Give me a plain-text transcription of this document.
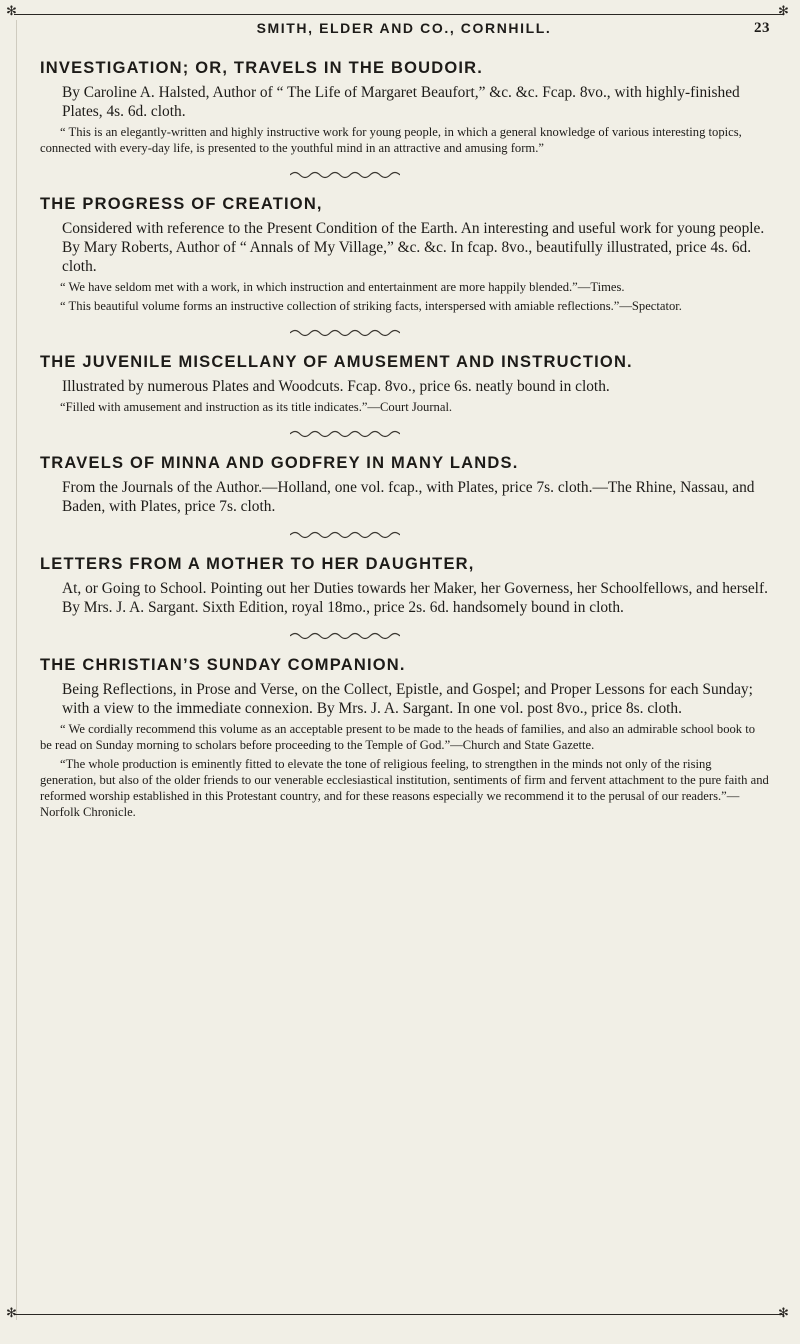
✻	✻
SMITH, ELDER AND CO., CORNHILL.	23
INVESTIGATION; OR, TRAVELS IN THE BOUDOIR.

By Caroline A. Halsted, Author of “ The Life of Margaret Beaufort,” &c. &c. Fcap. 8vo., with highly-finished Plates, 4s. 6d. cloth.

“ This is an elegantly-written and highly instructive work for young people, in which a general knowledge of various interesting topics, connected with every-day life, is presented to the youthful mind in an attractive and amusing form.”

THE PROGRESS OF CREATION,

Considered with reference to the Present Condition of the Earth. An interesting and useful work for young people. By Mary Roberts, Author of “ Annals of My Village,” &c. &c. In fcap. 8vo., beautifully illustrated, price 4s. 6d. cloth.

“ We have seldom met with a work, in which instruction and entertainment are more happily blended.”—Times.

“ This beautiful volume forms an instructive collection of striking facts, interspersed with amiable reflections.”—Spectator.

THE JUVENILE MISCELLANY OF AMUSEMENT AND INSTRUCTION.

Illustrated by numerous Plates and Woodcuts. Fcap. 8vo., price 6s. neatly bound in cloth.

“Filled with amusement and instruction as its title indicates.”—Court Journal.

TRAVELS OF MINNA AND GODFREY IN MANY LANDS.

From the Journals of the Author.—Holland, one vol. fcap., with Plates, price 7s. cloth.—The Rhine, Nassau, and Baden, with Plates, price 7s. cloth.

LETTERS FROM A MOTHER TO HER DAUGHTER,

At, or Going to School. Pointing out her Duties towards her Maker, her Governess, her Schoolfellows, and herself. By Mrs. J. A. Sargant. Sixth Edition, royal 18mo., price 2s. 6d. handsomely bound in cloth.

THE CHRISTIAN’S SUNDAY COMPANION.

Being Reflections, in Prose and Verse, on the Collect, Epistle, and Gospel; and Proper Lessons for each Sunday; with a view to the immediate connexion. By Mrs. J. A. Sargant. In one vol. post 8vo., price 8s. cloth.

“ We cordially recommend this volume as an acceptable present to be made to the heads of families, and also an admirable school book to be read on Sunday morning to scholars before proceeding to the Temple of God.”—Church and State Gazette.

“The whole production is eminently fitted to elevate the tone of religious feeling, to strengthen in the minds not only of the rising generation, but also of the older friends to our venerable ecclesiastical institution, sentiments of firm and fervent attachment to the pure faith and reformed worship established in this Protestant country, and for these reasons especially we recommend it to the perusal of our readers.”—Norfolk Chronicle.

✻	✻
